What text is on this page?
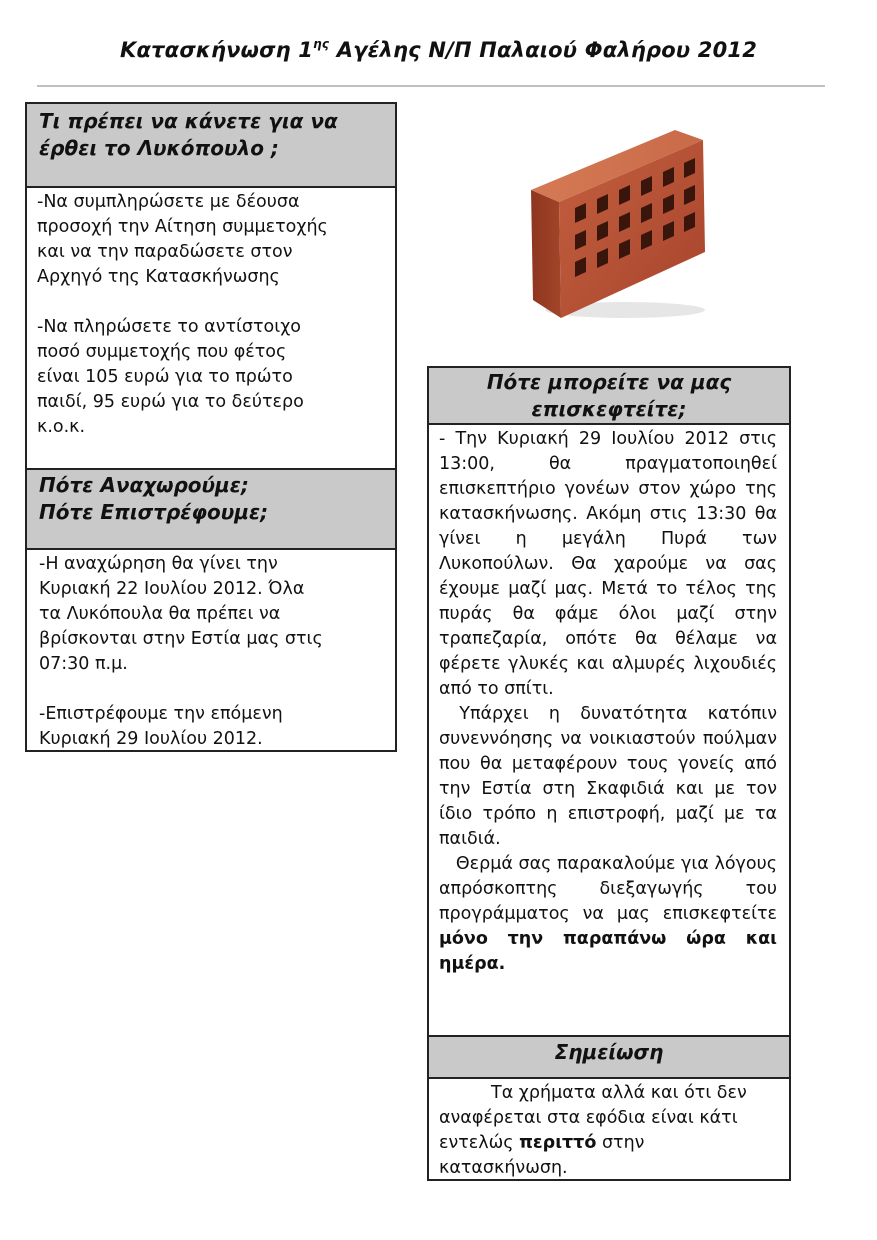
Κατασκήνωση $1^{\eta\varsigma}$ Αγέλης Ν/Π Παλαιού Φαλήρου 2012
Τι πρέπει να κάνετε για να
έρθει το Λυκόπουλο ;
-Να συμπληρώσετε με δέουσα
προσοχή την Αίτηση συμμετοχής
και να την παραδώσετε στον
Αρχηγό της Κατασκήνωσης
-Να πληρώσετε το αντίστοιχο
ποσό συμμετοχής που φέτος
είναι 105 ευρώ για το πρώτο
παιδί, 95 ευρώ για το δεύτερο
κ.ο.κ.
Πότε Αναχωρούμε;
Πότε Επιστρέφουμε;
-Η αναχώρηση θα γίνει την
Κυριακή 22 Ιουλίου 2012. Όλα
τα Λυκόπουλα θα πρέπει να
βρίσκονται στην Εστία μας στις
07:30 π.μ.
-Επιστρέφουμε την επόμενη
Κυριακή 29 Ιουλίου 2012.
Πότε μπορείτε να μας
επισκεφτείτε;

- Την Κυριακή 29 Ιουλίου 2012 στις 13:00, θα πραγματοποιηθεί επισκεπτήριο γονέων στον χώρο της κατασκήνωσης. Ακόμη στις 13:30 θα γίνει η μεγάλη Πυρά των Λυκοπούλων. Θα χαρούμε να σας έχουμε μαζί μας. Μετά το τέλος της πυράς θα φάμε όλοι μαζί στην τραπεζαρία, οπότε θα θέλαμε να φέρετε γλυκές και αλμυρές λιχουδιές από το σπίτι.

Υπάρχει η δυνατότητα κατόπιν συνεννόησης να νοικιαστούν πούλμαν που θα μεταφέρουν τους γονείς από την Εστία στη Σκαφιδιά και με τον ίδιο τρόπο η επιστροφή, μαζί με τα παιδιά.

Θερμά σας παρακαλούμε για λόγους απρόσκοπτης διεξαγωγής του προγράμματος να μας επισκεφτείτε μόνο την παραπάνω ώρα και ημέρα.

Σημείωση

Τα χρήματα αλλά και ότι δεν αναφέρεται στα εφόδια είναι κάτι εντελώς περιττό στην κατασκήνωση.
